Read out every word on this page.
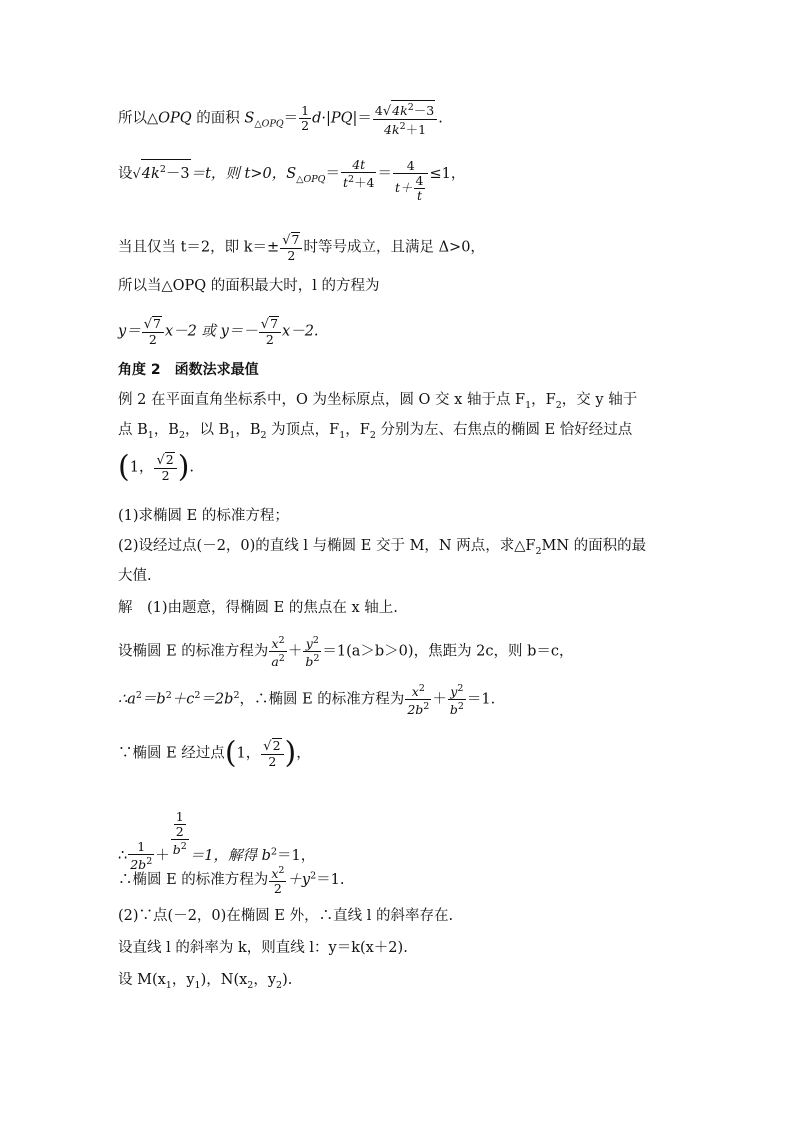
所以△OPQ 的面积 $S_{\triangle OPQ}= \frac{1}{2} d\cdot|PQ|= \frac{4√4k^2-3}{4k^2+1}$ .
设$√4k^2-3=t$，则 t>0，$S_{\triangle OPQ}= \frac{4t}{t^2+4} = \frac{4}{t+ \frac{4}{t}} \le 1$，
当且仅当 t＝2，即 $k=\pm \frac{√7}{2}$ 时等号成立，且满足 Δ>0，
所以当△OPQ 的面积最大时，l 的方程为
$y= \frac{√7}{2} x-2$ 或 $y=- \frac{√7}{2} x-2$.
角度 2　函数法求最值
例 2 在平面直角坐标系中，O 为坐标原点，圆 O 交 x 轴于点 $F_1$，$F_2$，交 y 轴于
点 $B_1$，$B_2$，以 $B_1$，$B_2$ 为顶点，$F_1$，$F_2$ 分别为左、右焦点的椭圆 E 恰好经过点
(1， $\frac{√2}{2}$ ).
(1)求椭圆 E 的标准方程；
(2)设经过点(－2，0)的直线 l 与椭圆 E 交于 M，N 两点，求$\triangle F_2MN$ 的面积的最
大值.
解　(1)由题意，得椭圆 E 的焦点在 x 轴上.
设椭圆 E 的标准方程为 $\frac{x^2}{a^2} + \frac{y^2}{b^2} =1(a>b>0)$，焦距为 2c，则 b＝c，
$\therefore a^2=b^2+c^2=2b^2$，∴椭圆 E 的标准方程为 $\frac{x^2}{2b^2} + \frac{y^2}{b^2} =1$.
∵椭圆 E 经过点(1， $\frac{√2}{2}$ )，
∴ $\frac{1}{2b^2} + \frac{\frac{1}{2}}{b^2} =1$，解得 $b^2=1$，
∴椭圆 E 的标准方程为 $\frac{x^2}{2} +y^2=1$.
(2)∵点(－2，0)在椭圆 E 外，∴直线 l 的斜率存在.
设直线 l 的斜率为 k，则直线 l：y＝k(x＋2).
设 $M(x_1$，$y_1$)，$N(x_2$，$y_2$).
